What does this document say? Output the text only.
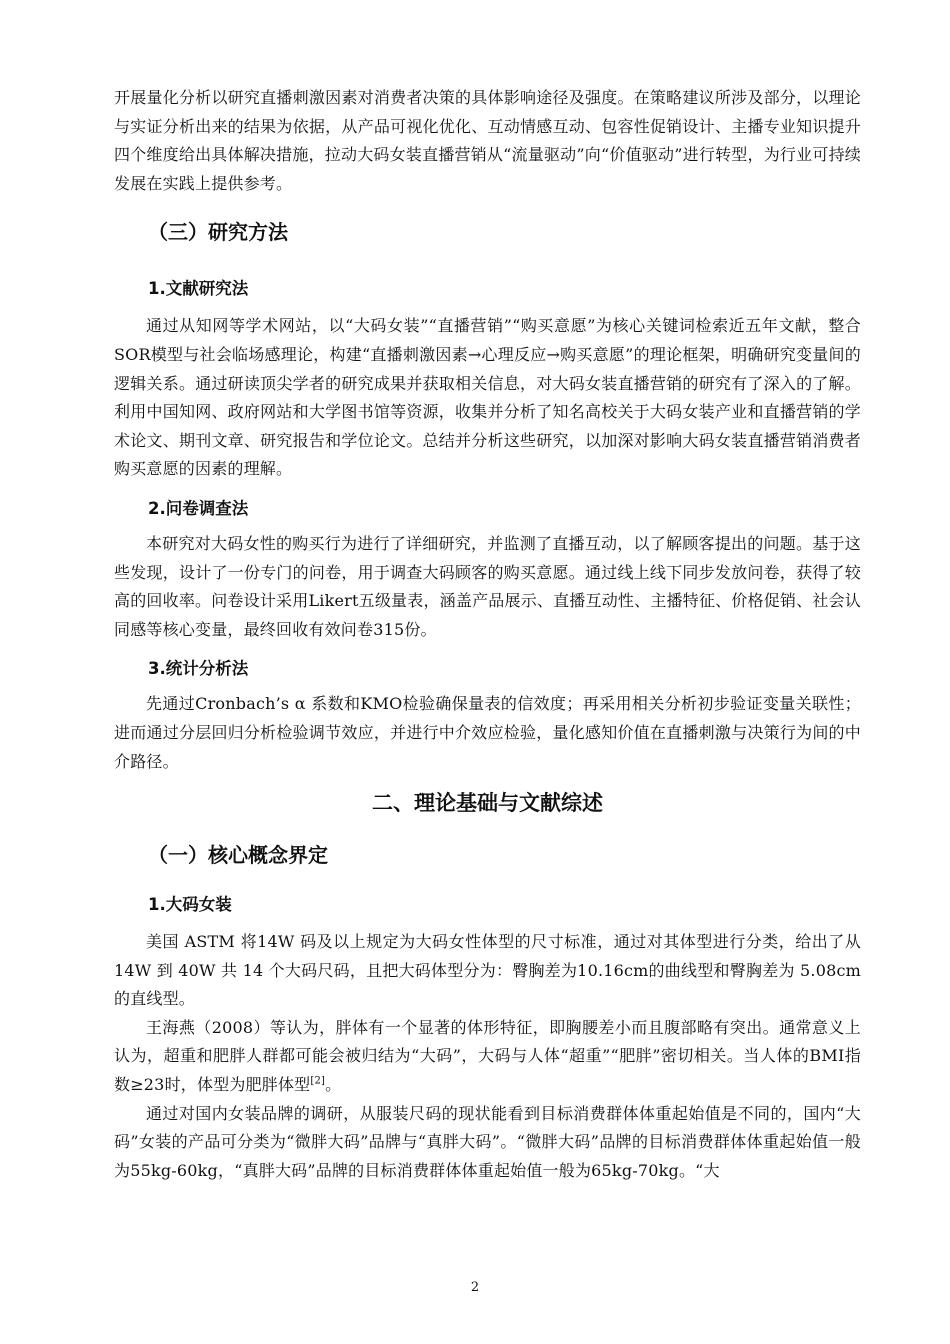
开展量化分析以研究直播刺激因素对消费者决策的具体影响途径及强度。在策略建议所涉及部分，以理论与实证分析出来的结果为依据，从产品可视化优化、互动情感互动、包容性促销设计、主播专业知识提升四个维度给出具体解决措施，拉动大码女装直播营销从“流量驱动”向“价值驱动”进行转型，为行业可持续发展在实践上提供参考。

（三）研究方法
1.文献研究法

通过从知网等学术网站，以“大码女装”“直播营销”“购买意愿”为核心关键词检索近五年文献，整合SOR模型与社会临场感理论，构建“直播刺激因素→心理反应→购买意愿”的理论框架，明确研究变量间的逻辑关系。通过研读顶尖学者的研究成果并获取相关信息，对大码女装直播营销的研究有了深入的了解。利用中国知网、政府网站和大学图书馆等资源，收集并分析了知名高校关于大码女装产业和直播营销的学术论文、期刊文章、研究报告和学位论文。总结并分析这些研究，以加深对影响大码女装直播营销消费者购买意愿的因素的理解。

2.问卷调查法

本研究对大码女性的购买行为进行了详细研究，并监测了直播互动，以了解顾客提出的问题。基于这些发现，设计了一份专门的问卷，用于调查大码顾客的购买意愿。通过线上线下同步发放问卷，获得了较高的回收率。问卷设计采用Likert五级量表，涵盖产品展示、直播互动性、主播特征、价格促销、社会认同感等核心变量，最终回收有效问卷315份。

3.统计分析法

先通过Cronbach’s α 系数和KMO检验确保量表的信效度；再采用相关分析初步验证变量关联性；进而通过分层回归分析检验调节效应，并进行中介效应检验，量化感知价值在直播刺激与决策行为间的中介路径。

二、理论基础与文献综述
（一）核心概念界定
1.大码女装

美国 ASTM 将14W 码及以上规定为大码女性体型的尺寸标准，通过对其体型进行分类，给出了从14W 到 40W 共 14 个大码尺码，且把大码体型分为：臀胸差为10.16cm的曲线型和臀胸差为 5.08cm的直线型。

王海燕（2008）等认为，胖体有一个显著的体形特征，即胸腰差小而且腹部略有突出。通常意义上认为，超重和肥胖人群都可能会被归结为“大码”，大码与人体“超重”“肥胖”密切相关。当人体的BMI指数≥23时，体型为肥胖体型[2]。

通过对国内女装品牌的调研，从服装尺码的现状能看到目标消费群体体重起始值是不同的，国内“大码”女装的产品可分类为“微胖大码”品牌与“真胖大码”。“微胖大码”品牌的目标消费群体体重起始值一般为55kg-60kg，“真胖大码”品牌的目标消费群体体重起始值一般为65kg-70kg。“大

2
